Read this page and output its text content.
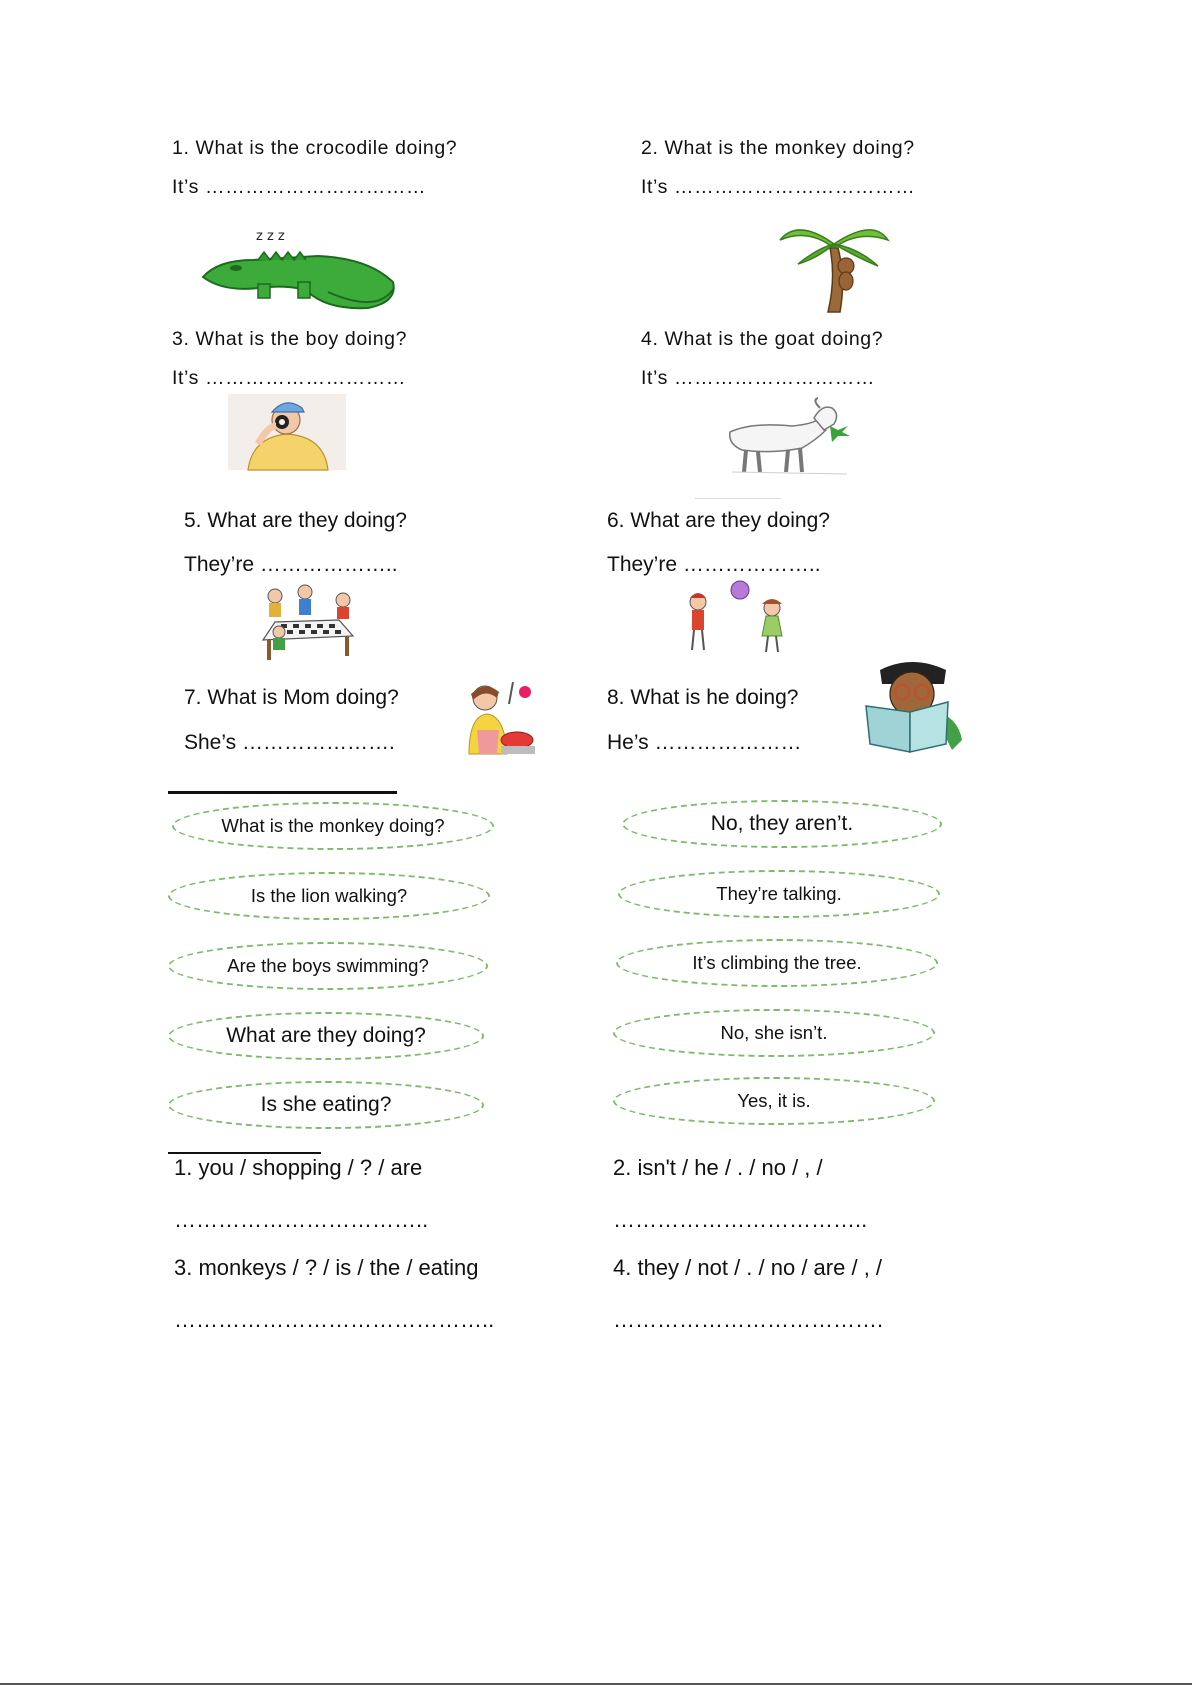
1. What is the crocodile doing?
It’s ……………………………
2. What is the monkey doing?
It’s ………………………………
z z z
3. What is the boy doing?
It’s …………………………
4. What is the goat doing?
It’s …………………………
5. What are they doing?
They’re ………………..
6. What are they doing?
They’re ………………..
7. What is Mom doing?
She’s ………………….
8. What is he doing?
He’s …………………
What is the monkey doing?
Is the lion walking?
Are the boys swimming?
What are they doing?
Is she eating?
No, they aren’t.
They’re talking.
It’s climbing the tree.
No, she isn’t.
Yes, it is.
1. you / shopping / ? / are
……………………………..
2. isn't / he / . / no / , /
……………………………..
3. monkeys / ? / is / the / eating
……………………………………..
4. they / not / . / no / are / , /
……………………………….
